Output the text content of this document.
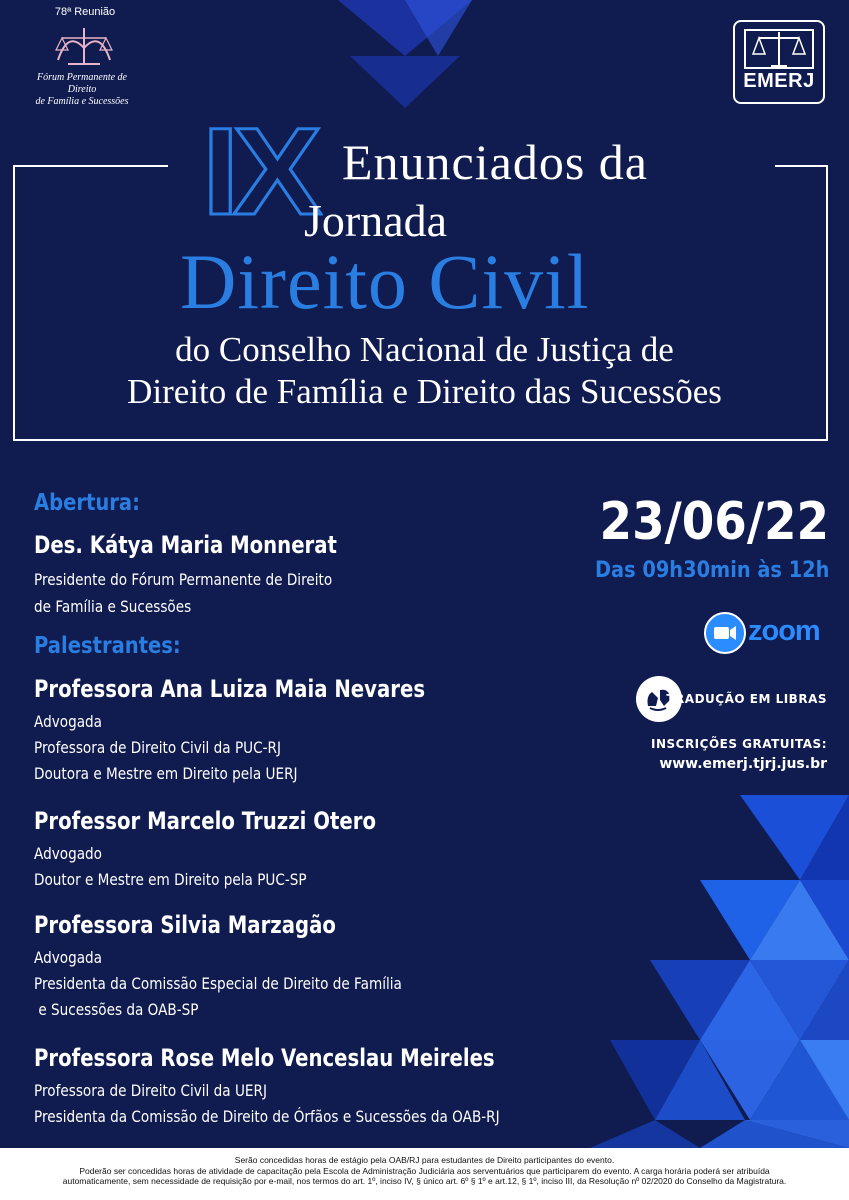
78ª Reunião
Fórum Permanente de Direito
de Família e Sucessões
EMERJ
IX Enunciados da
Jornada
Direito Civil
do Conselho Nacional de Justiça de
Direito de Família e Direito das Sucessões
Abertura:
Des. Kátya Maria Monnerat
Presidente do Fórum Permanente de Direito
de Família e Sucessões
Palestrantes:
Professora Ana Luiza Maia Nevares
Advogada
Professora de Direito Civil da PUC-RJ
Doutora e Mestre em Direito pela UERJ
Professor Marcelo Truzzi Otero
Advogado
Doutor e Mestre em Direito pela PUC-SP
Professora Silvia Marzagão
Advogada
Presidenta da Comissão Especial de Direito de Família
e Sucessões da OAB-SP
Professora Rose Melo Venceslau Meireles
Professora de Direito Civil da UERJ
Presidenta da Comissão de Direito de Órfãos e Sucessões da OAB-RJ
23/06/22
Das 09h30min às 12h
zoom
TRADUÇÃO EM LIBRAS
INSCRIÇÕES GRATUITAS:
www.emerj.tjrj.jus.br

Serão concedidas horas de estágio pela OAB/RJ para estudantes de Direito participantes do evento.

Poderão ser concedidas horas de atividade de capacitação pela Escola de Administração Judiciária aos serventuários que participarem do evento. A carga horária poderá ser atribuída

automaticamente, sem necessidade de requisição por e-mail, nos termos do art. 1º, inciso IV, § único art. 6º § 1º e art.12, § 1º, inciso III, da Resolução nº 02/2020 do Conselho da Magistratura.
